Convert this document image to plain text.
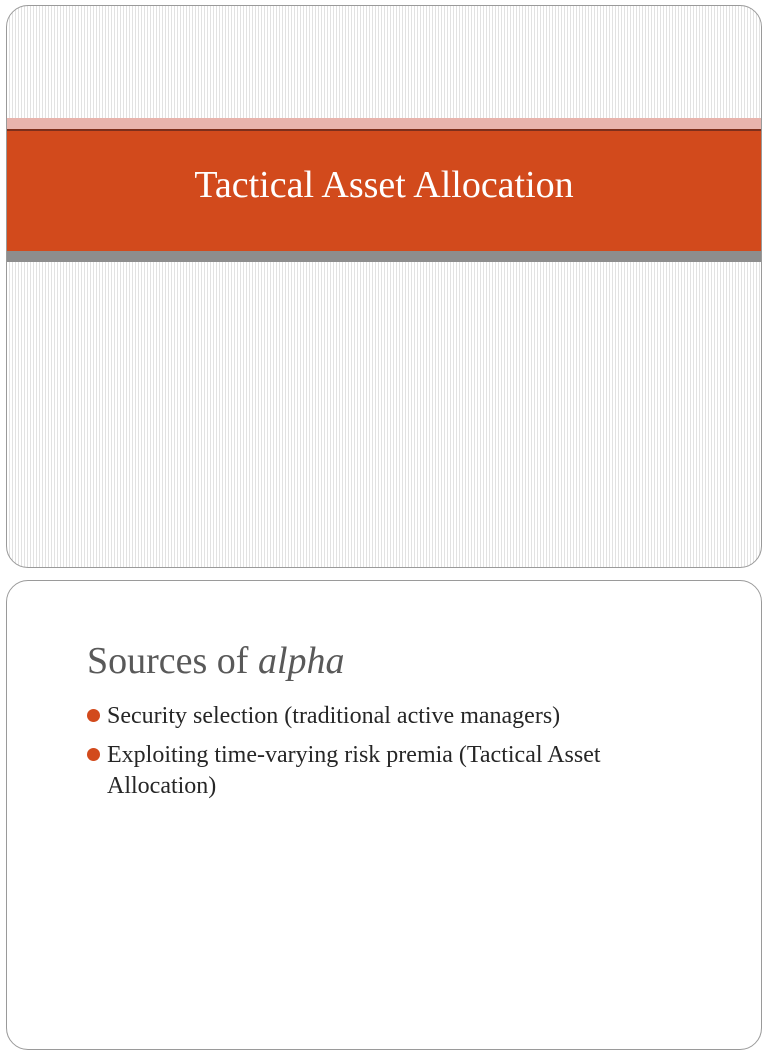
Tactical Asset Allocation
Sources of alpha
Security selection (traditional active managers)
Exploiting time-varying risk premia (Tactical Asset Allocation)
